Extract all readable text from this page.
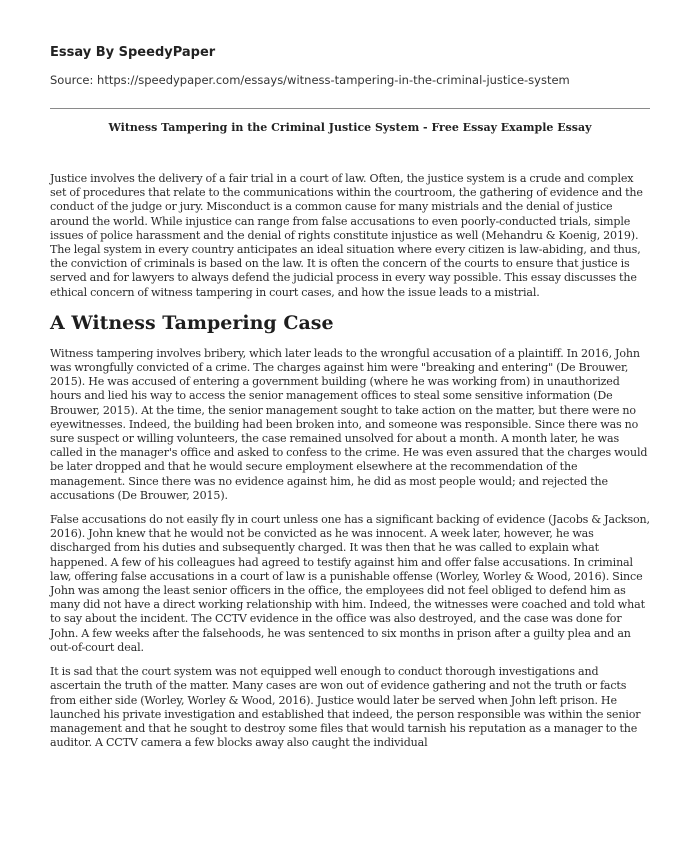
Essay By SpeedyPaper
Source: https://speedypaper.com/essays/witness-tampering-in-the-criminal-justice-system
Witness Tampering in the Criminal Justice System - Free Essay Example Essay

Justice involves the delivery of a fair trial in a court of law. Often, the justice system is a crude and complex set of procedures that relate to the communications within the courtroom, the gathering of evidence and the conduct of the judge or jury. Misconduct is a common cause for many mistrials and the denial of justice around the world. While injustice can range from false accusations to even poorly-conducted trials, simple issues of police harassment and the denial of rights constitute injustice as well (Mehandru & Koenig, 2019). The legal system in every country anticipates an ideal situation where every citizen is law-abiding, and thus, the conviction of criminals is based on the law. It is often the concern of the courts to ensure that justice is served and for lawyers to always defend the judicial process in every way possible. This essay discusses the ethical concern of witness tampering in court cases, and how the issue leads to a mistrial.

A Witness Tampering Case

Witness tampering involves bribery, which later leads to the wrongful accusation of a plaintiff. In 2016, John was wrongfully convicted of a crime. The charges against him were "breaking and entering" (De Brouwer, 2015). He was accused of entering a government building (where he was working from) in unauthorized hours and lied his way to access the senior management offices to steal some sensitive information (De Brouwer, 2015). At the time, the senior management sought to take action on the matter, but there were no eyewitnesses. Indeed, the building had been broken into, and someone was responsible. Since there was no sure suspect or willing volunteers, the case remained unsolved for about a month. A month later, he was called in the manager's office and asked to confess to the crime. He was even assured that the charges would be later dropped and that he would secure employment elsewhere at the recommendation of the management. Since there was no evidence against him, he did as most people would; and rejected the accusations (De Brouwer, 2015).

False accusations do not easily fly in court unless one has a significant backing of evidence (Jacobs & Jackson, 2016). John knew that he would not be convicted as he was innocent. A week later, however, he was discharged from his duties and subsequently charged. It was then that he was called to explain what happened. A few of his colleagues had agreed to testify against him and offer false accusations. In criminal law, offering false accusations in a court of law is a punishable offense (Worley, Worley & Wood, 2016). Since John was among the least senior officers in the office, the employees did not feel obliged to defend him as many did not have a direct working relationship with him. Indeed, the witnesses were coached and told what to say about the incident. The CCTV evidence in the office was also destroyed, and the case was done for John. A few weeks after the falsehoods, he was sentenced to six months in prison after a guilty plea and an out-of-court deal.

It is sad that the court system was not equipped well enough to conduct thorough investigations and ascertain the truth of the matter. Many cases are won out of evidence gathering and not the truth or facts from either side (Worley, Worley & Wood, 2016). Justice would later be served when John left prison. He launched his private investigation and established that indeed, the person responsible was within the senior management and that he sought to destroy some files that would tarnish his reputation as a manager to the auditor. A CCTV camera a few blocks away also caught the individual
